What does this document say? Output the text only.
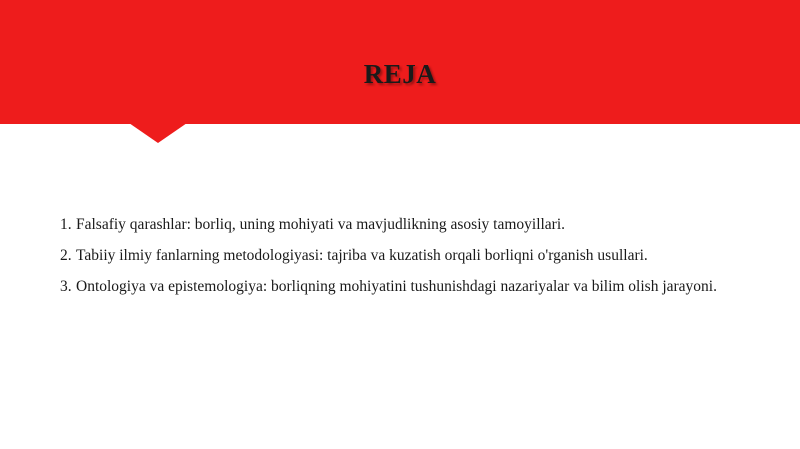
REJA
1. Falsafiy qarashlar: borliq, uning mohiyati va mavjudlikning asosiy tamoyillari.
2. Tabiiy ilmiy fanlarning metodologiyasi: tajriba va kuzatish orqali borliqni o'rganish usullari.
3. Ontologiya va epistemologiya: borliqning mohiyatini tushunishdagi nazariyalar va bilim olish jarayoni.
